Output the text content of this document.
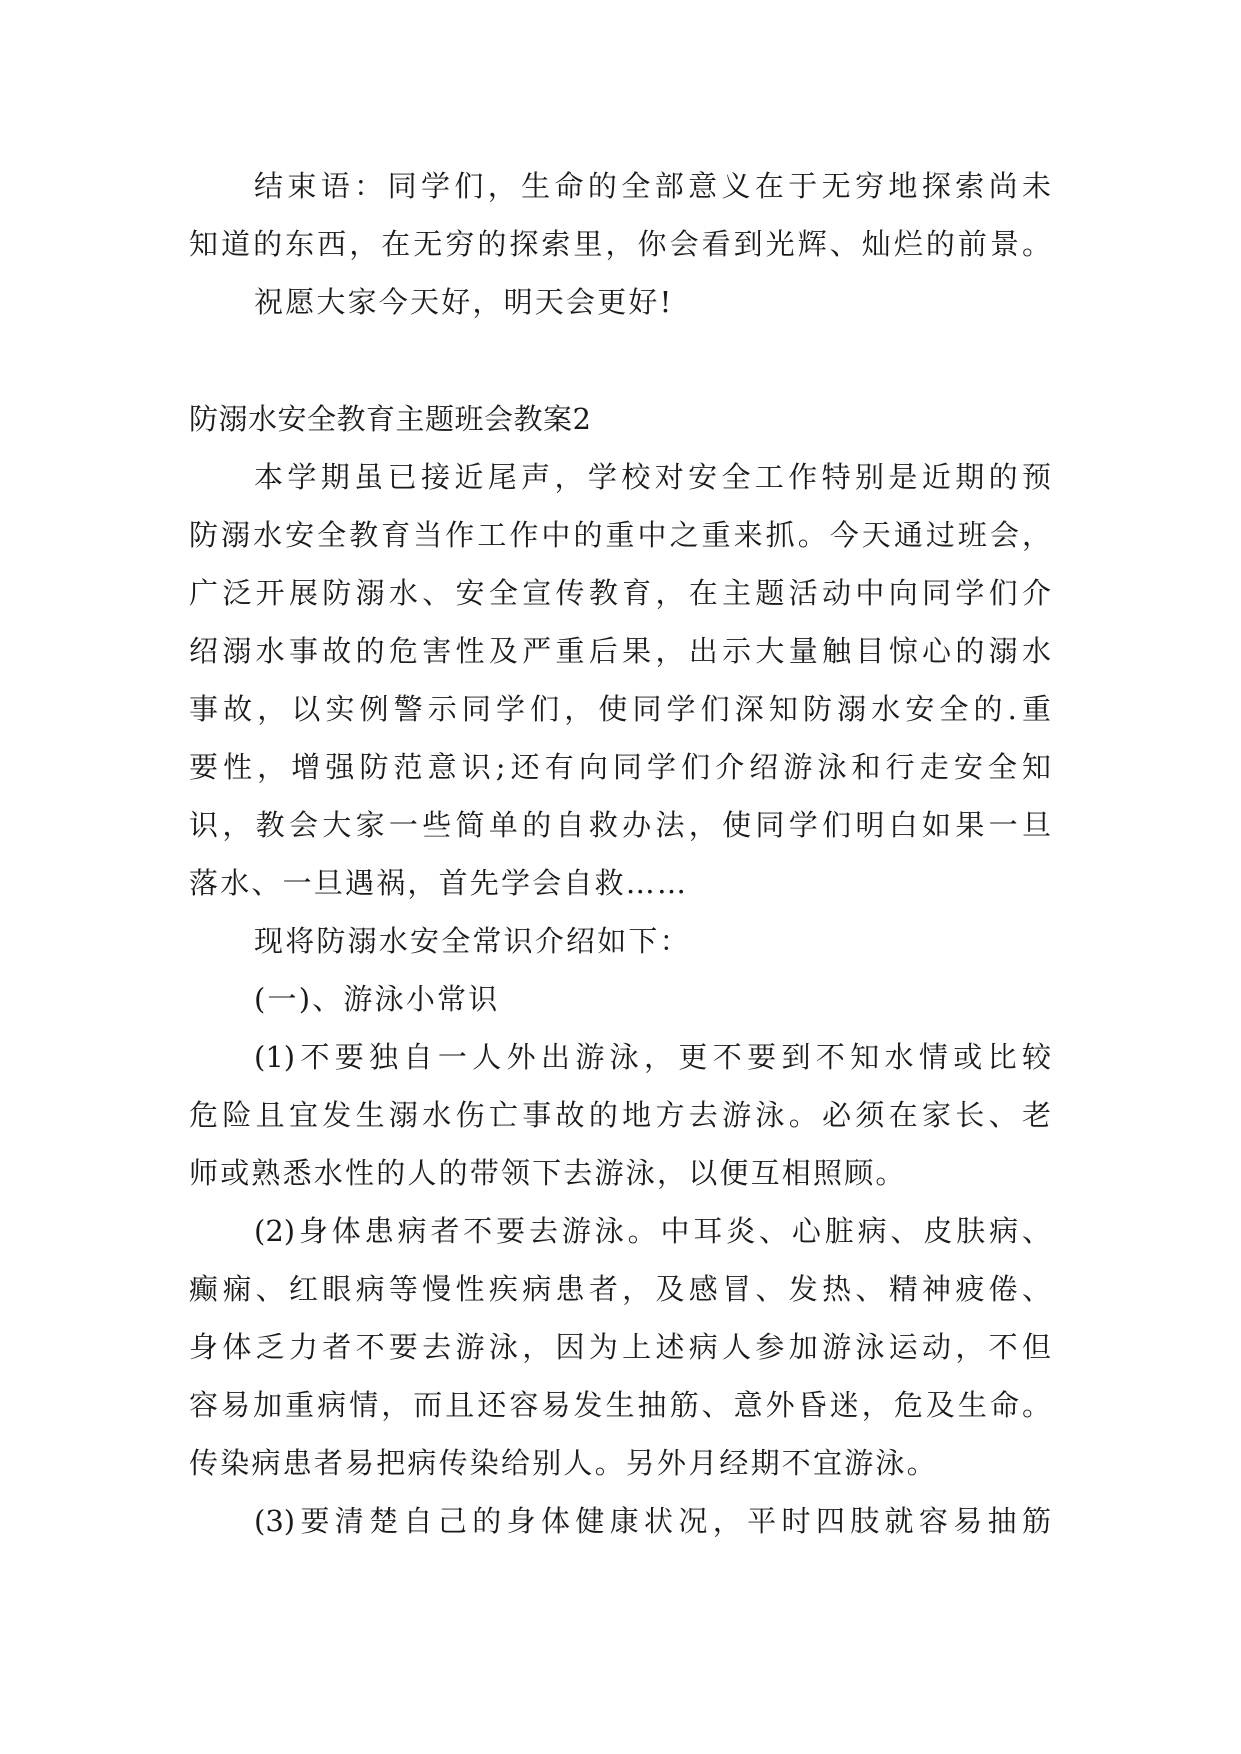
结束语：同学们，生命的全部意义在于无穷地探索尚未
知道的东西，在无穷的探索里，你会看到光辉、灿烂的前景。
祝愿大家今天好，明天会更好!
防溺水安全教育主题班会教案2
本学期虽已接近尾声，学校对安全工作特别是近期的预
防溺水安全教育当作工作中的重中之重来抓。今天通过班会，
广泛开展防溺水、安全宣传教育，在主题活动中向同学们介
绍溺水事故的危害性及严重后果，出示大量触目惊心的溺水
事故，以实例警示同学们，使同学们深知防溺水安全的.重
要性，增强防范意识;还有向同学们介绍游泳和行走安全知
识，教会大家一些简单的自救办法，使同学们明白如果一旦
落水、一旦遇祸，首先学会自救……
现将防溺水安全常识介绍如下：
(一)、游泳小常识
(1)不要独自一人外出游泳，更不要到不知水情或比较
危险且宜发生溺水伤亡事故的地方去游泳。必须在家长、老
师或熟悉水性的人的带领下去游泳，以便互相照顾。
(2)身体患病者不要去游泳。中耳炎、心脏病、皮肤病、
癫痫、红眼病等慢性疾病患者，及感冒、发热、精神疲倦、
身体乏力者不要去游泳，因为上述病人参加游泳运动，不但
容易加重病情，而且还容易发生抽筋、意外昏迷，危及生命。
传染病患者易把病传染给别人。另外月经期不宜游泳。
(3)要清楚自己的身体健康状况，平时四肢就容易抽筋
